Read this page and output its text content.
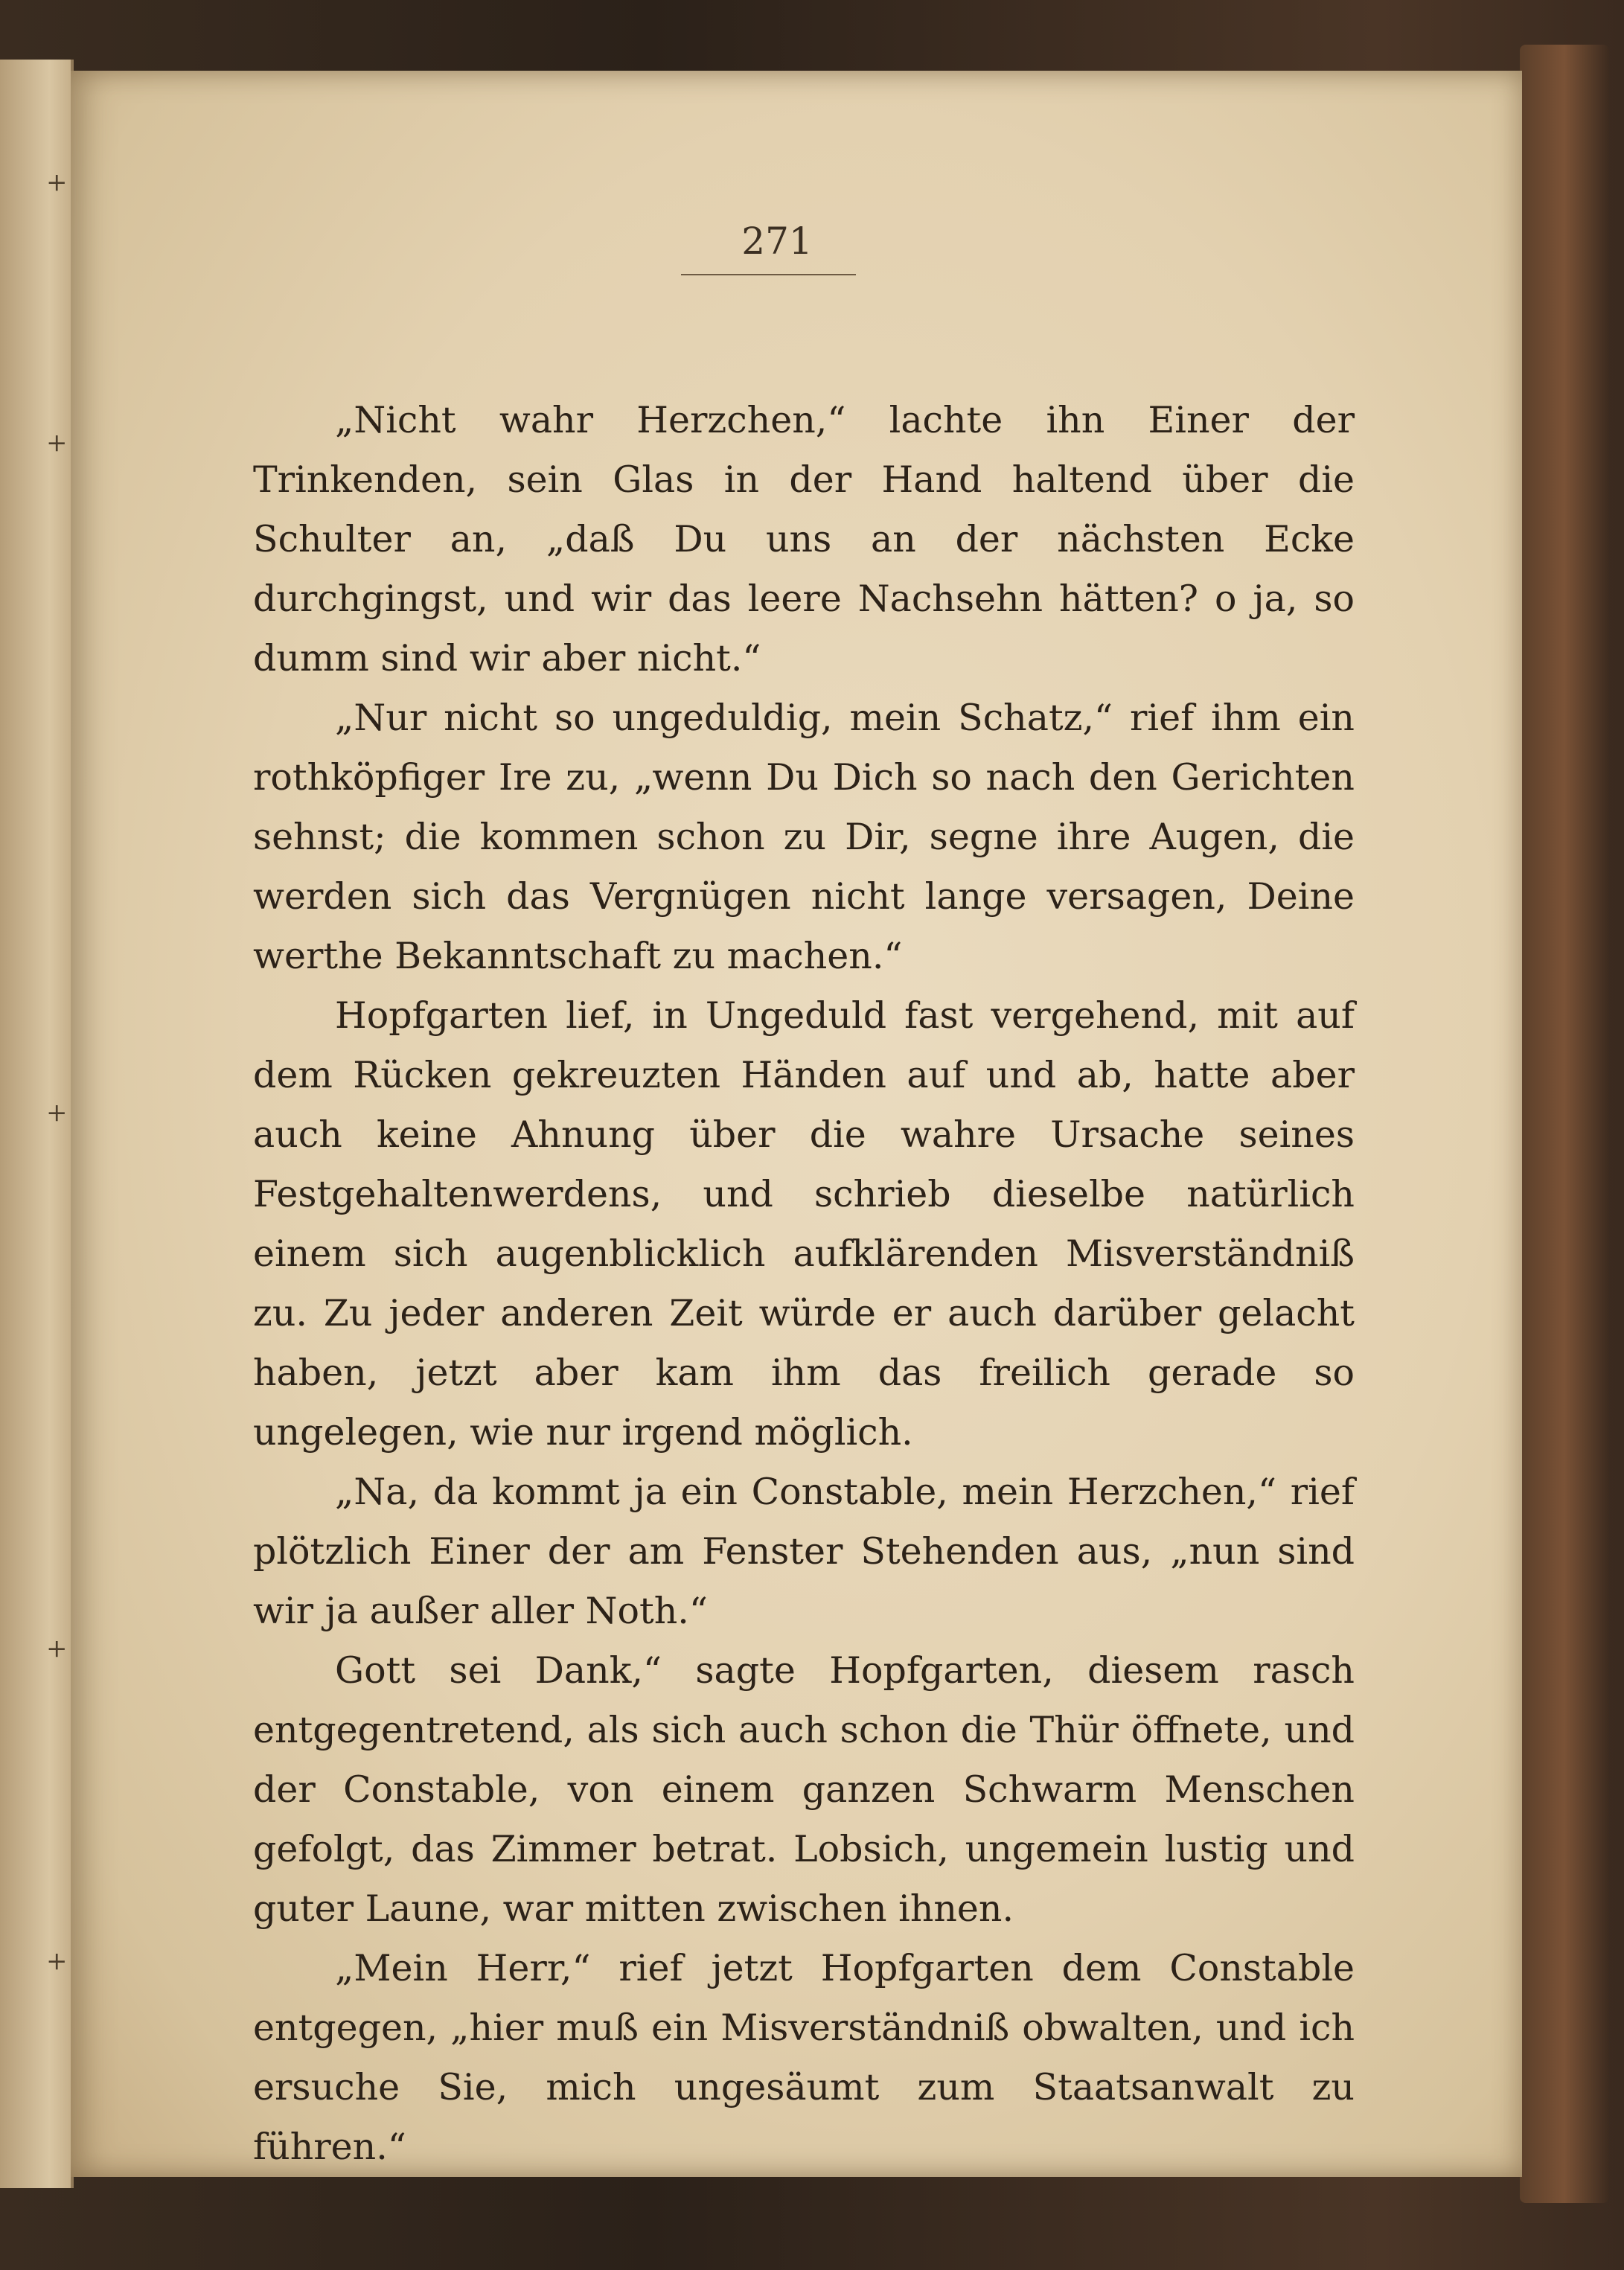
+
+
+
+
+
271

„Nicht wahr Herzchen,“ lachte ihn Einer der Trinkenden, sein Glas in der Hand haltend über die Schulter an, „daß Du uns an der nächsten Ecke durchgingst, und wir das leere Nachsehn hätten? o ja, so dumm sind wir aber nicht.“

„Nur nicht so ungeduldig, mein Schatz,“ rief ihm ein rothköpfiger Ire zu, „wenn Du Dich so nach den Gerichten sehnst; die kommen schon zu Dir, segne ihre Augen, die werden sich das Vergnügen nicht lange versagen, Deine werthe Bekanntschaft zu machen.“

Hopfgarten lief, in Ungeduld fast vergehend, mit auf dem Rücken gekreuzten Händen auf und ab, hatte aber auch keine Ahnung über die wahre Ursache seines Festgehaltenwerdens, und schrieb dieselbe natürlich einem sich augenblicklich aufklärenden Misverständniß zu. Zu jeder anderen Zeit würde er auch darüber gelacht haben, jetzt aber kam ihm das freilich gerade so ungelegen, wie nur irgend möglich.

„Na, da kommt ja ein Constable, mein Herzchen,“ rief plötzlich Einer der am Fenster Stehenden aus, „nun sind wir ja außer aller Noth.“

Gott sei Dank,“ sagte Hopfgarten, diesem rasch entgegentretend, als sich auch schon die Thür öffnete, und der Constable, von einem ganzen Schwarm Menschen gefolgt, das Zimmer betrat. Lobsich, ungemein lustig und guter Laune, war mitten zwischen ihnen.

„Mein Herr,“ rief jetzt Hopfgarten dem Constable entgegen, „hier muß ein Misverständniß obwalten, und ich ersuche Sie, mich ungesäumt zum Staatsanwalt zu führen.“
